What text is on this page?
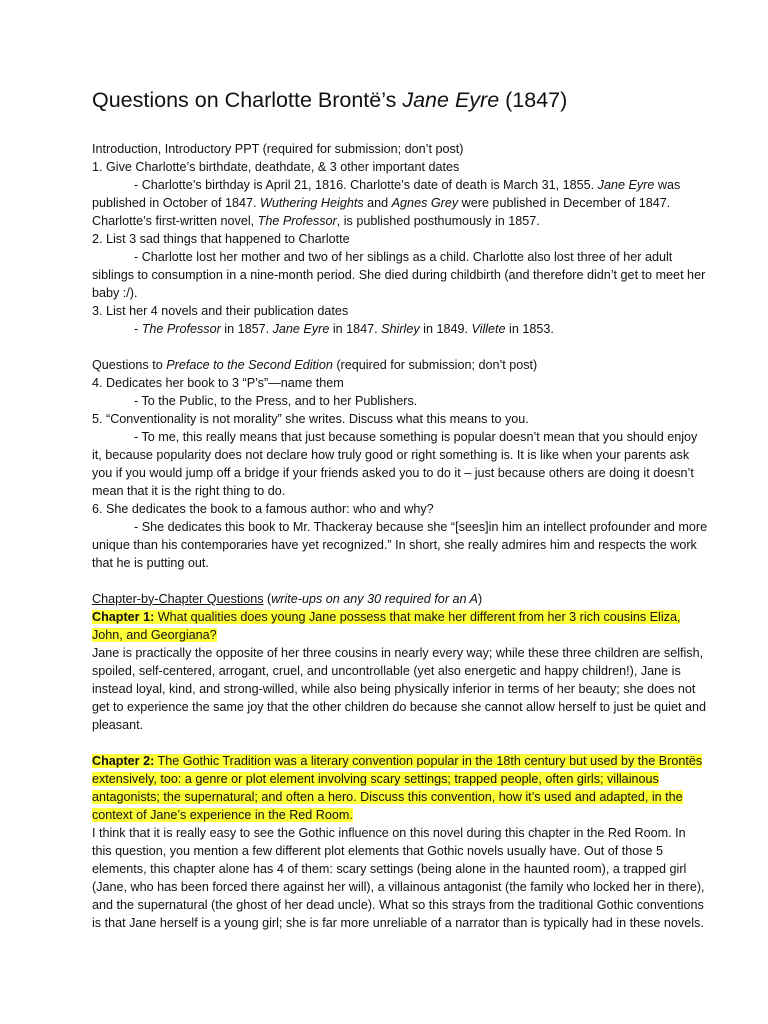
Questions on Charlotte Brontë’s Jane Eyre (1847)

Introduction, Introductory PPT (required for submission; don’t post)

1. Give Charlotte’s birthdate, deathdate, & 3 other important dates

- Charlotte’s birthday is April 21, 1816. Charlotte’s date of death is March 31, 1855. Jane Eyre was published in October of 1847. Wuthering Heights and Agnes Grey were published in December of 1847. Charlotte’s first-written novel, The Professor, is published posthumously in 1857.

2. List 3 sad things that happened to Charlotte

- Charlotte lost her mother and two of her siblings as a child. Charlotte also lost three of her adult siblings to consumption in a nine-month period. She died during childbirth (and therefore didn’t get to meet her baby :/).

3. List her 4 novels and their publication dates

- The Professor in 1857. Jane Eyre in 1847. Shirley in 1849. Villete in 1853.

Questions to Preface to the Second Edition (required for submission; don’t post)

4. Dedicates her book to 3 “P’s”—name them

- To the Public, to the Press, and to her Publishers.

5. “Conventionality is not morality” she writes. Discuss what this means to you.

- To me, this really means that just because something is popular doesn’t mean that you should enjoy it, because popularity does not declare how truly good or right something is. It is like when your parents ask you if you would jump off a bridge if your friends asked you to do it – just because others are doing it doesn’t mean that it is the right thing to do.

6. She dedicates the book to a famous author: who and why?

- She dedicates this book to Mr. Thackeray because she “[sees]in him an intellect profounder and more unique than his contemporaries have yet recognized.” In short, she really admires him and respects the work that he is putting out.

Chapter-by-Chapter Questions (write-ups on any 30 required for an A)

Chapter 1: What qualities does young Jane possess that make her different from her 3 rich cousins Eliza, John, and Georgiana?

Jane is practically the opposite of her three cousins in nearly every way; while these three children are selfish, spoiled, self-centered, arrogant, cruel, and uncontrollable (yet also energetic and happy children!), Jane is instead loyal, kind, and strong-willed, while also being physically inferior in terms of her beauty; she does not get to experience the same joy that the other children do because she cannot allow herself to just be quiet and pleasant.

Chapter 2: The Gothic Tradition was a literary convention popular in the 18th century but used by the Brontës extensively, too: a genre or plot element involving scary settings; trapped people, often girls; villainous antagonists; the supernatural; and often a hero. Discuss this convention, how it’s used and adapted, in the context of Jane’s experience in the Red Room.

I think that it is really easy to see the Gothic influence on this novel during this chapter in the Red Room. In this question, you mention a few different plot elements that Gothic novels usually have. Out of those 5 elements, this chapter alone has 4 of them: scary settings (being alone in the haunted room), a trapped girl (Jane, who has been forced there against her will), a villainous antagonist (the family who locked her in there), and the supernatural (the ghost of her dead uncle). What so this strays from the traditional Gothic conventions is that Jane herself is a young girl; she is far more unreliable of a narrator than is typically had in these novels.
